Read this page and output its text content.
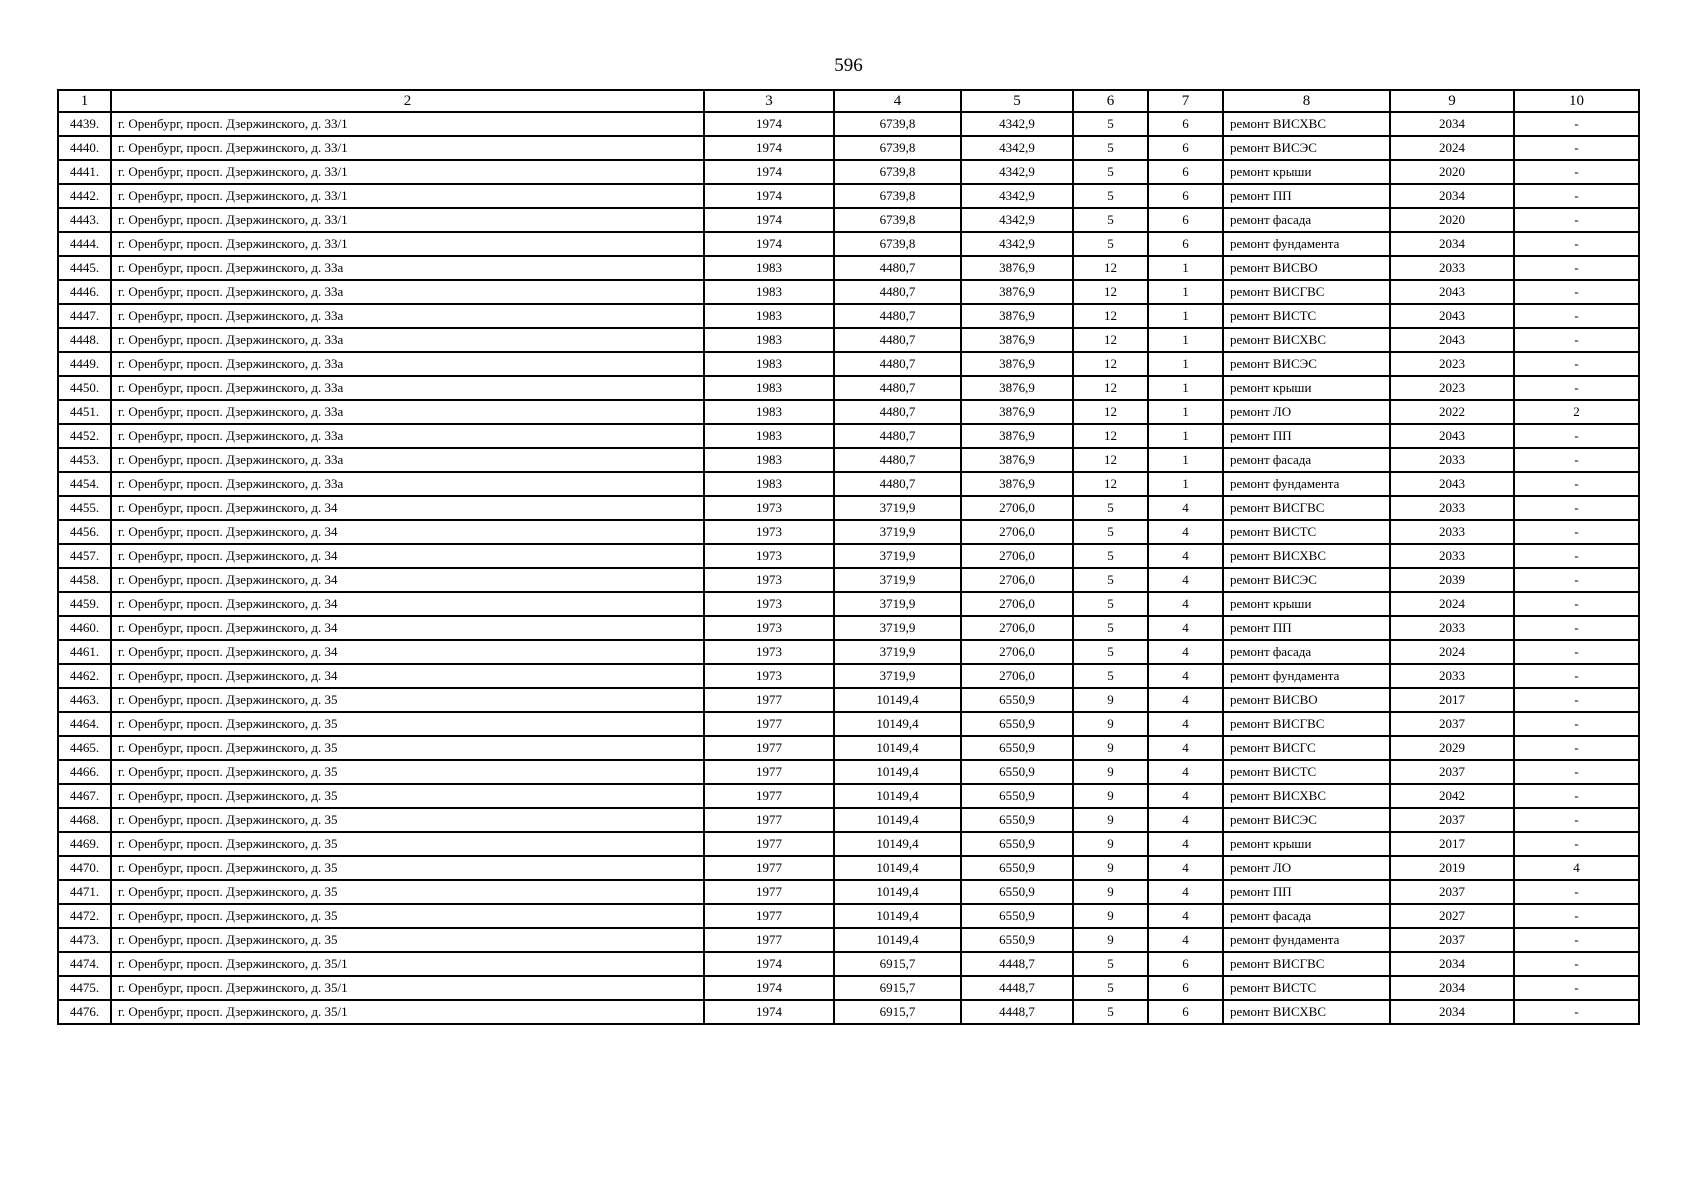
596
1	2	3	4	5	6	7	8	9	10
4439.	г. Оренбург, просп. Дзержинского, д. 33/1	1974	6739,8	4342,9	5	6	ремонт ВИСХВС	2034	-
4440.	г. Оренбург, просп. Дзержинского, д. 33/1	1974	6739,8	4342,9	5	6	ремонт ВИСЭС	2024	-
4441.	г. Оренбург, просп. Дзержинского, д. 33/1	1974	6739,8	4342,9	5	6	ремонт крыши	2020	-
4442.	г. Оренбург, просп. Дзержинского, д. 33/1	1974	6739,8	4342,9	5	6	ремонт ПП	2034	-
4443.	г. Оренбург, просп. Дзержинского, д. 33/1	1974	6739,8	4342,9	5	6	ремонт фасада	2020	-
4444.	г. Оренбург, просп. Дзержинского, д. 33/1	1974	6739,8	4342,9	5	6	ремонт фундамента	2034	-
4445.	г. Оренбург, просп. Дзержинского, д. 33а	1983	4480,7	3876,9	12	1	ремонт ВИСВО	2033	-
4446.	г. Оренбург, просп. Дзержинского, д. 33а	1983	4480,7	3876,9	12	1	ремонт ВИСГВС	2043	-
4447.	г. Оренбург, просп. Дзержинского, д. 33а	1983	4480,7	3876,9	12	1	ремонт ВИСТС	2043	-
4448.	г. Оренбург, просп. Дзержинского, д. 33а	1983	4480,7	3876,9	12	1	ремонт ВИСХВС	2043	-
4449.	г. Оренбург, просп. Дзержинского, д. 33а	1983	4480,7	3876,9	12	1	ремонт ВИСЭС	2023	-
4450.	г. Оренбург, просп. Дзержинского, д. 33а	1983	4480,7	3876,9	12	1	ремонт крыши	2023	-
4451.	г. Оренбург, просп. Дзержинского, д. 33а	1983	4480,7	3876,9	12	1	ремонт ЛО	2022	2
4452.	г. Оренбург, просп. Дзержинского, д. 33а	1983	4480,7	3876,9	12	1	ремонт ПП	2043	-
4453.	г. Оренбург, просп. Дзержинского, д. 33а	1983	4480,7	3876,9	12	1	ремонт фасада	2033	-
4454.	г. Оренбург, просп. Дзержинского, д. 33а	1983	4480,7	3876,9	12	1	ремонт фундамента	2043	-
4455.	г. Оренбург, просп. Дзержинского, д. 34	1973	3719,9	2706,0	5	4	ремонт ВИСГВС	2033	-
4456.	г. Оренбург, просп. Дзержинского, д. 34	1973	3719,9	2706,0	5	4	ремонт ВИСТС	2033	-
4457.	г. Оренбург, просп. Дзержинского, д. 34	1973	3719,9	2706,0	5	4	ремонт ВИСХВС	2033	-
4458.	г. Оренбург, просп. Дзержинского, д. 34	1973	3719,9	2706,0	5	4	ремонт ВИСЭС	2039	-
4459.	г. Оренбург, просп. Дзержинского, д. 34	1973	3719,9	2706,0	5	4	ремонт крыши	2024	-
4460.	г. Оренбург, просп. Дзержинского, д. 34	1973	3719,9	2706,0	5	4	ремонт ПП	2033	-
4461.	г. Оренбург, просп. Дзержинского, д. 34	1973	3719,9	2706,0	5	4	ремонт фасада	2024	-
4462.	г. Оренбург, просп. Дзержинского, д. 34	1973	3719,9	2706,0	5	4	ремонт фундамента	2033	-
4463.	г. Оренбург, просп. Дзержинского, д. 35	1977	10149,4	6550,9	9	4	ремонт ВИСВО	2017	-
4464.	г. Оренбург, просп. Дзержинского, д. 35	1977	10149,4	6550,9	9	4	ремонт ВИСГВС	2037	-
4465.	г. Оренбург, просп. Дзержинского, д. 35	1977	10149,4	6550,9	9	4	ремонт ВИСГС	2029	-
4466.	г. Оренбург, просп. Дзержинского, д. 35	1977	10149,4	6550,9	9	4	ремонт ВИСТС	2037	-
4467.	г. Оренбург, просп. Дзержинского, д. 35	1977	10149,4	6550,9	9	4	ремонт ВИСХВС	2042	-
4468.	г. Оренбург, просп. Дзержинского, д. 35	1977	10149,4	6550,9	9	4	ремонт ВИСЭС	2037	-
4469.	г. Оренбург, просп. Дзержинского, д. 35	1977	10149,4	6550,9	9	4	ремонт крыши	2017	-
4470.	г. Оренбург, просп. Дзержинского, д. 35	1977	10149,4	6550,9	9	4	ремонт ЛО	2019	4
4471.	г. Оренбург, просп. Дзержинского, д. 35	1977	10149,4	6550,9	9	4	ремонт ПП	2037	-
4472.	г. Оренбург, просп. Дзержинского, д. 35	1977	10149,4	6550,9	9	4	ремонт фасада	2027	-
4473.	г. Оренбург, просп. Дзержинского, д. 35	1977	10149,4	6550,9	9	4	ремонт фундамента	2037	-
4474.	г. Оренбург, просп. Дзержинского, д. 35/1	1974	6915,7	4448,7	5	6	ремонт ВИСГВС	2034	-
4475.	г. Оренбург, просп. Дзержинского, д. 35/1	1974	6915,7	4448,7	5	6	ремонт ВИСТС	2034	-
4476.	г. Оренбург, просп. Дзержинского, д. 35/1	1974	6915,7	4448,7	5	6	ремонт ВИСХВС	2034	-
